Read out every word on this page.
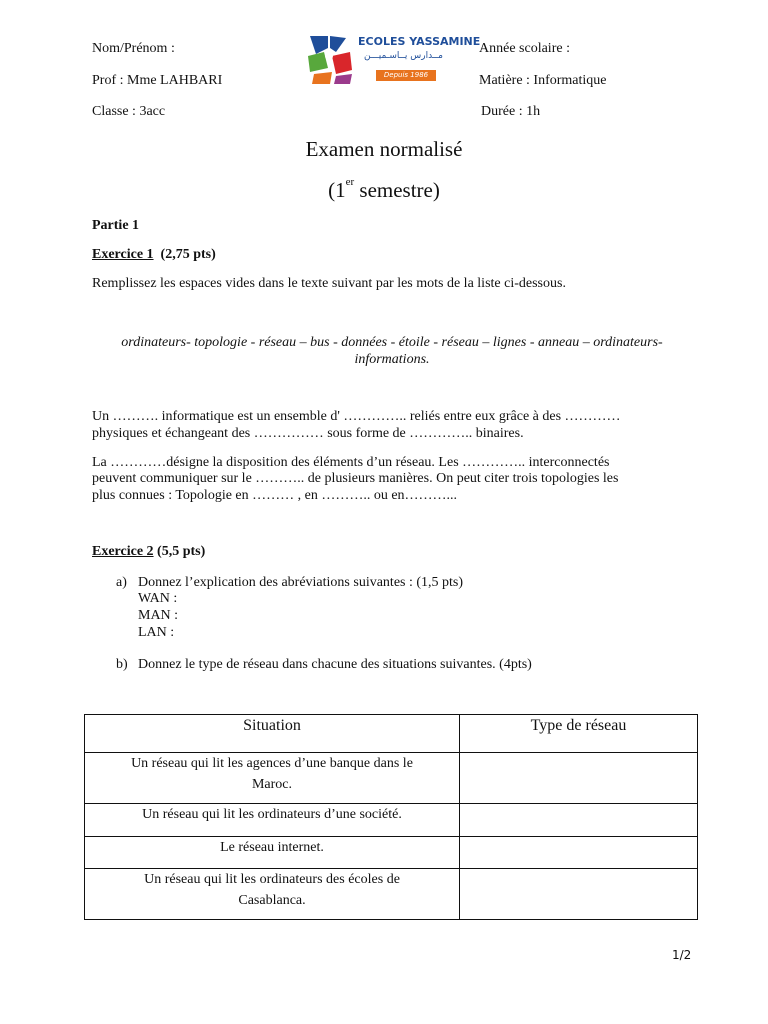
Nom/Prénom :
Prof : Mme LAHBARI
Classe : 3acc
Année scolaire :
Matière : Informatique
Durée : 1h
ECOLES YASSAMINE
مــدارس يــاسـميـــن
Depuis 1986
Examen normalisé
(1er semestre)
Partie 1
Exercice 1 (2,75 pts)
Remplissez les espaces vides dans le texte suivant par les mots de la liste ci-dessous.
ordinateurs- topologie - réseau – bus - données - étoile - réseau – lignes - anneau – ordinateurs-
informations.
Un ………. informatique est un ensemble d' ………….. reliés entre eux grâce à des …………
physiques et échangeant des …………… sous forme de ………….. binaires.
La …………désigne la disposition des éléments d’un réseau. Les ………….. interconnectés
peuvent communiquer sur le ……….. de plusieurs manières. On peut citer trois topologies les
plus connues : Topologie en ……… , en ……….. ou en………...
Exercice 2 (5,5 pts)
a) Donnez l’explication des abréviations suivantes : (1,5 pts)
WAN :
MAN :
LAN :
b) Donnez le type de réseau dans chacune des situations suivantes. (4pts)
Situation	Type de réseau

Un réseau qui lit les agences d’une banque dans le
Maroc.	

Un réseau qui lit les ordinateurs d’une société.	

Le réseau internet.	

Un réseau qui lit les ordinateurs des écoles de
Casablanca.	

1/2
